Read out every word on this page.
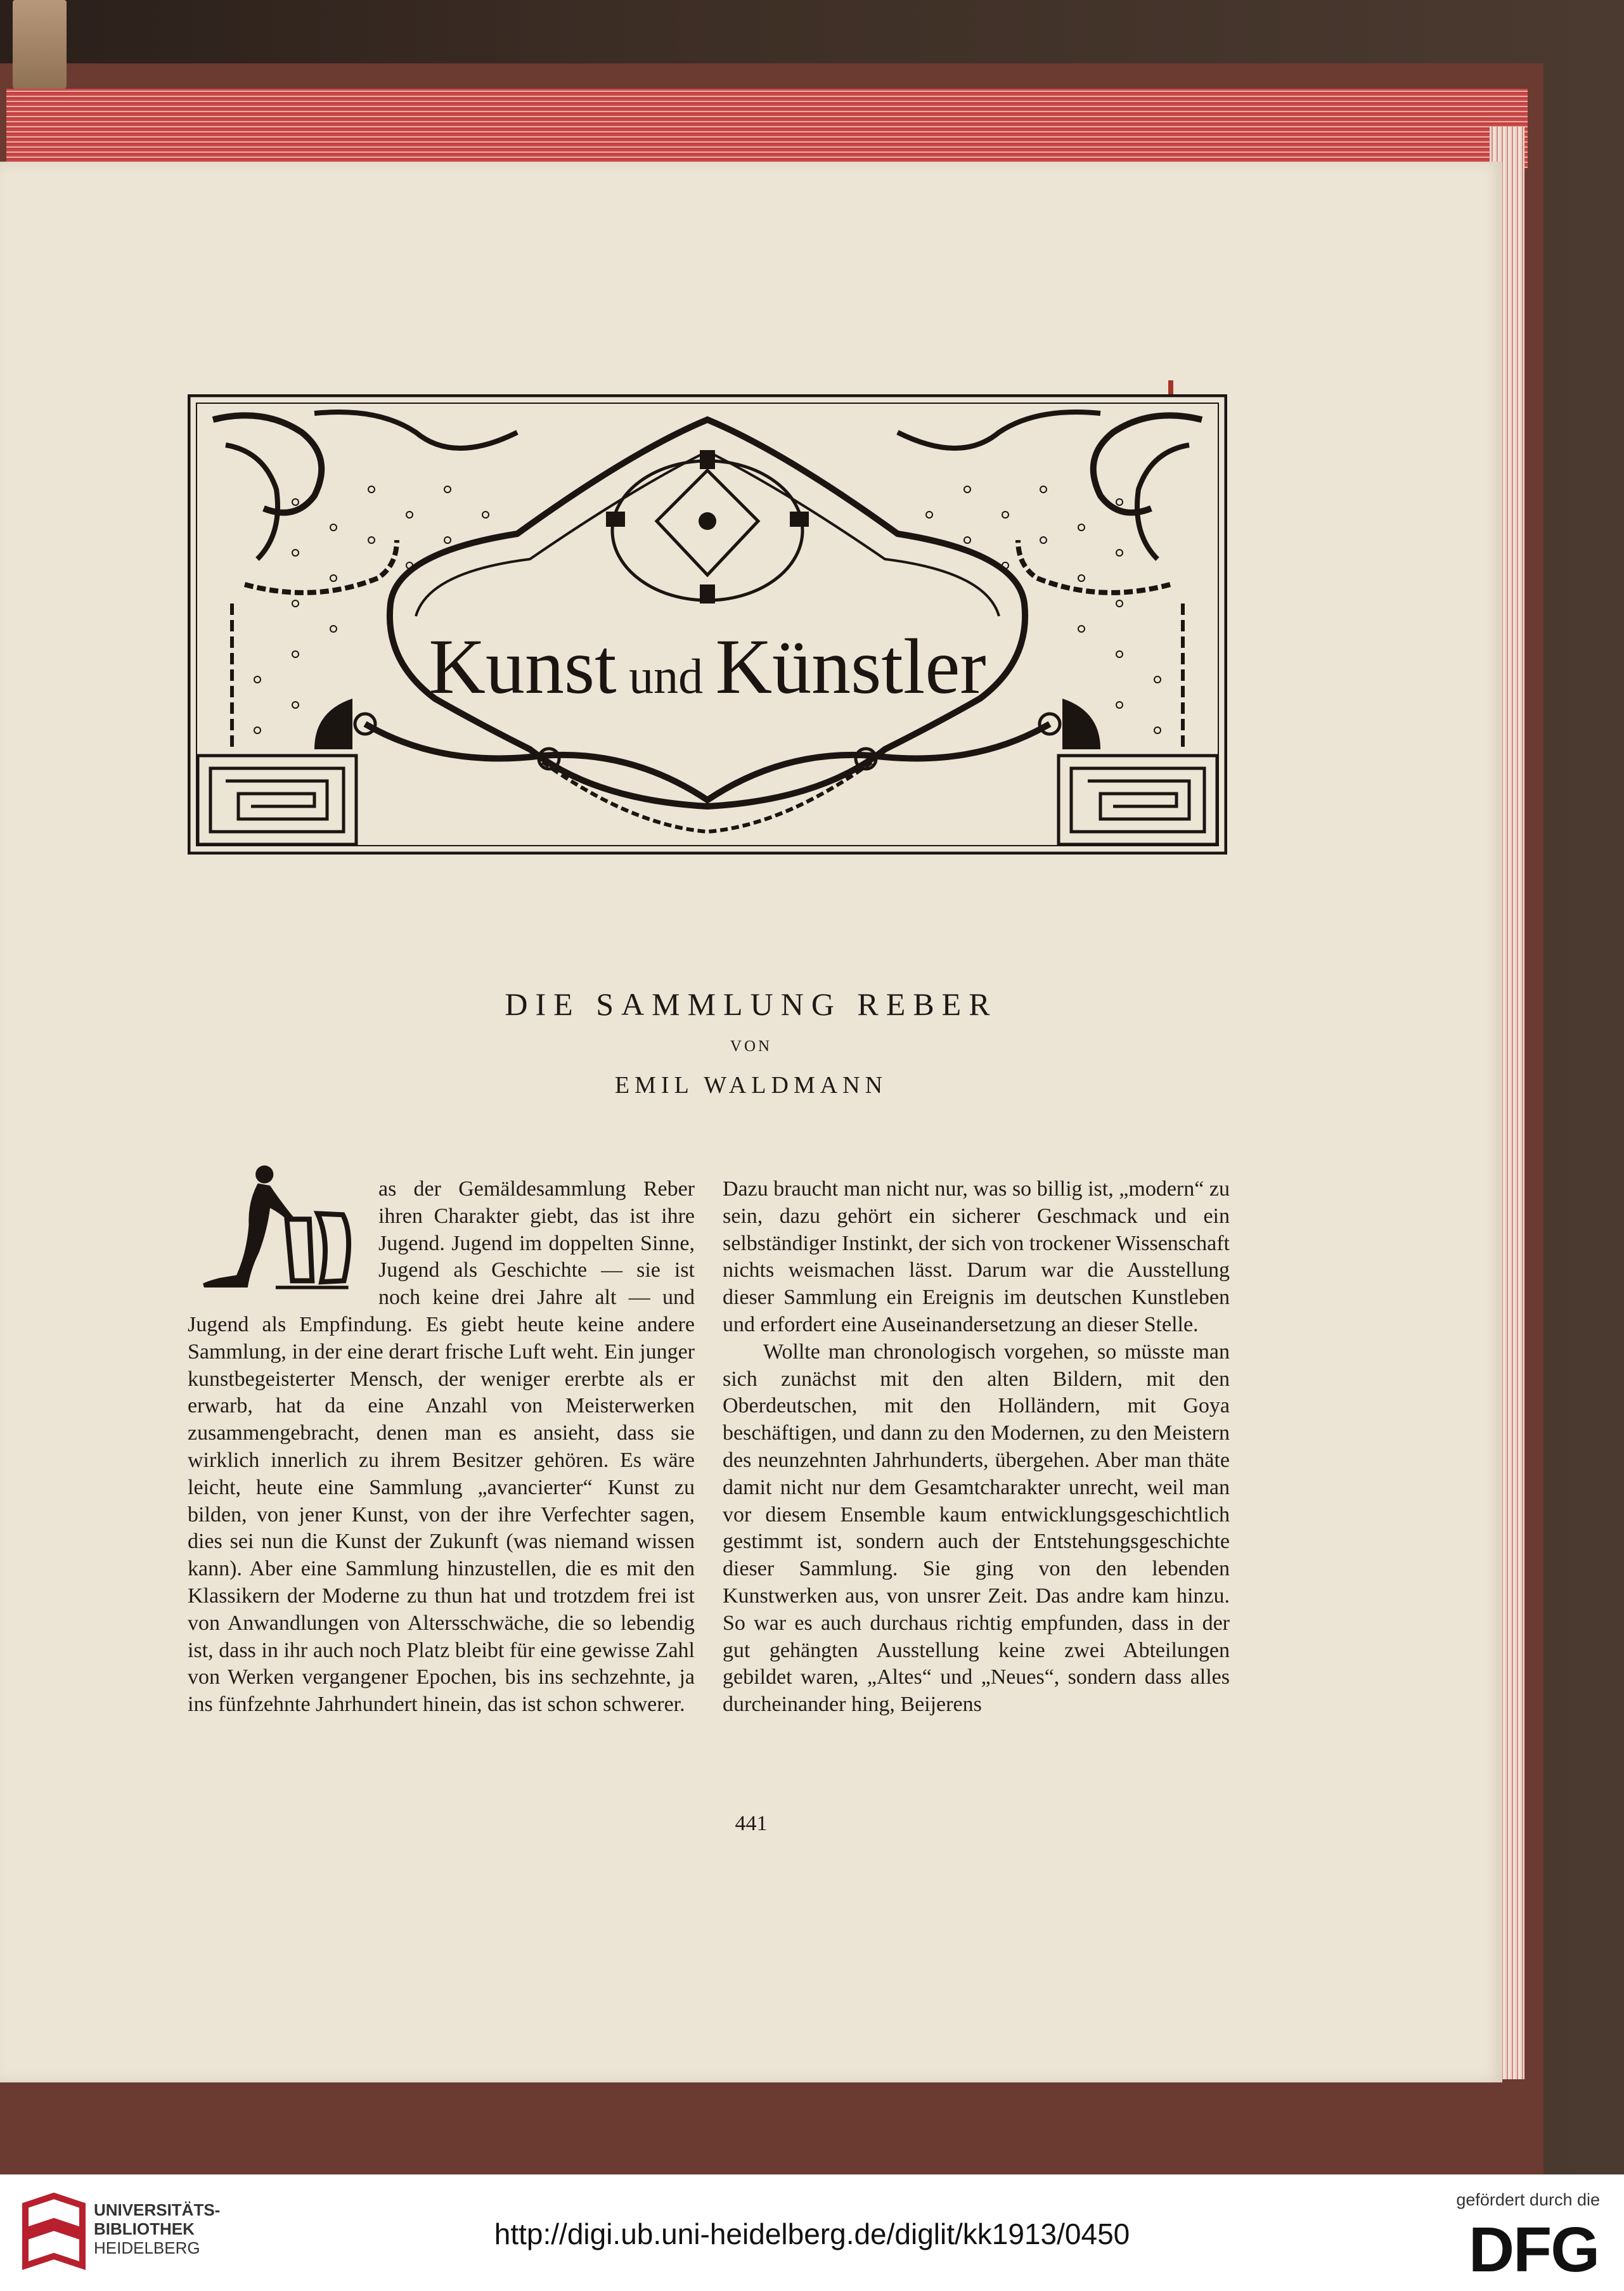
Kunst und Künstler
DIE SAMMLUNG REBER
VON
EMIL WALDMANN

as der Gemäldesammlung Reber ihren Charakter giebt, das ist ihre Jugend. Jugend im doppelten Sinne, Jugend als Geschichte — sie ist noch keine drei Jahre alt — und Jugend als Empfindung. Es giebt heute keine andere Sammlung, in der eine derart frische Luft weht. Ein junger kunstbegeisterter Mensch, der weniger ererbte als er erwarb, hat da eine Anzahl von Meisterwerken zusammengebracht, denen man es ansieht, dass sie wirklich innerlich zu ihrem Besitzer gehören. Es wäre leicht, heute eine Sammlung „avancierter“ Kunst zu bilden, von jener Kunst, von der ihre Verfechter sagen, dies sei nun die Kunst der Zukunft (was niemand wissen kann). Aber eine Sammlung hinzustellen, die es mit den Klassikern der Moderne zu thun hat und trotzdem frei ist von Anwandlungen von Altersschwäche, die so lebendig ist, dass in ihr auch noch Platz bleibt für eine gewisse Zahl von Werken vergangener Epochen, bis ins sechzehnte, ja ins fünfzehnte Jahrhundert hinein, das ist schon schwerer.

Dazu braucht man nicht nur, was so billig ist, „modern“ zu sein, dazu gehört ein sicherer Geschmack und ein selbständiger Instinkt, der sich von trockener Wissenschaft nichts weismachen lässt. Darum war die Ausstellung dieser Sammlung ein Ereignis im deutschen Kunstleben und erfordert eine Auseinandersetzung an dieser Stelle.

Wollte man chronologisch vorgehen, so müsste man sich zunächst mit den alten Bildern, mit den Oberdeutschen, mit den Holländern, mit Goya beschäftigen, und dann zu den Modernen, zu den Meistern des neunzehnten Jahrhunderts, übergehen. Aber man thäte damit nicht nur dem Gesamtcharakter unrecht, weil man vor diesem Ensemble kaum entwicklungsgeschichtlich gestimmt ist, sondern auch der Entstehungsgeschichte dieser Sammlung. Sie ging von den lebenden Kunstwerken aus, von unsrer Zeit. Das andre kam hinzu. So war es auch durchaus richtig empfunden, dass in der gut gehängten Ausstellung keine zwei Abteilungen gebildet waren, „Altes“ und „Neues“, sondern dass alles durcheinander hing, Beijerens

441
UNIVERSITÄTS-
BIBLIOTHEK
HEIDELBERG	http://digi.ub.uni-heidelberg.de/diglit/kk1913/0450
gefördert durch die
DFG
